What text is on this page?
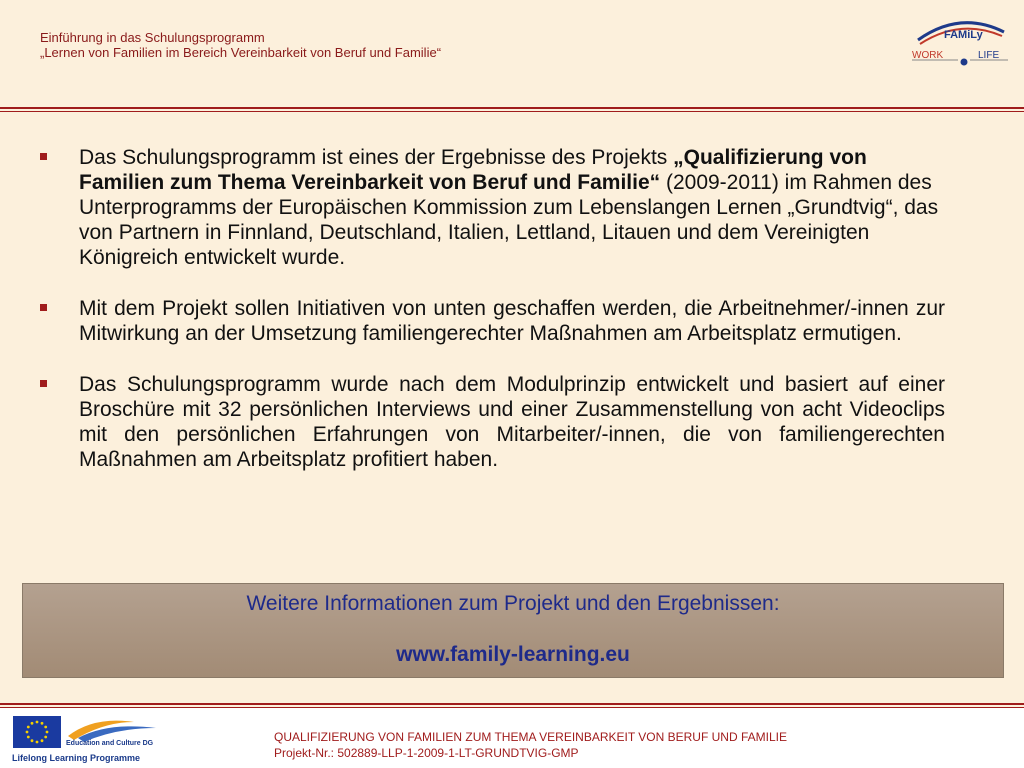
Einführung in das Schulungsprogramm
„Lernen von Familien im Bereich Vereinbarkeit von Beruf und Familie“
FAMiLy
WORK	LIFE
Das Schulungsprogramm ist eines der Ergebnisse des Projekts „Qualifizierung von Familien zum Thema Vereinbarkeit von Beruf und Familie“ (2009-2011) im Rahmen des Unterprogramms der Europäischen Kommission zum Lebenslangen Lernen „Grundtvig“, das von Partnern in Finnland, Deutschland, Italien, Lettland, Litauen und dem Vereinigten Königreich entwickelt wurde.
Mit dem Projekt sollen Initiativen von unten geschaffen werden, die Arbeitnehmer/-innen zur Mitwirkung an der Umsetzung familiengerechter Maßnahmen am Arbeitsplatz ermutigen.
Das Schulungsprogramm wurde nach dem Modulprinzip entwickelt und basiert auf einer Broschüre mit 32 persönlichen Interviews und einer Zusammenstellung von acht Videoclips mit den persönlichen Erfahrungen von Mitarbeiter/-innen, die von familiengerechten Maßnahmen am Arbeitsplatz profitiert haben.
Weitere Informationen zum Projekt und den Ergebnissen:
www.family-learning.eu
Education and Culture DG
Lifelong Learning Programme
QUALIFIZIERUNG VON FAMILIEN ZUM THEMA VEREINBARKEIT VON BERUF UND FAMILIE
Projekt-Nr.: 502889-LLP-1-2009-1-LT-GRUNDTVIG-GMP
